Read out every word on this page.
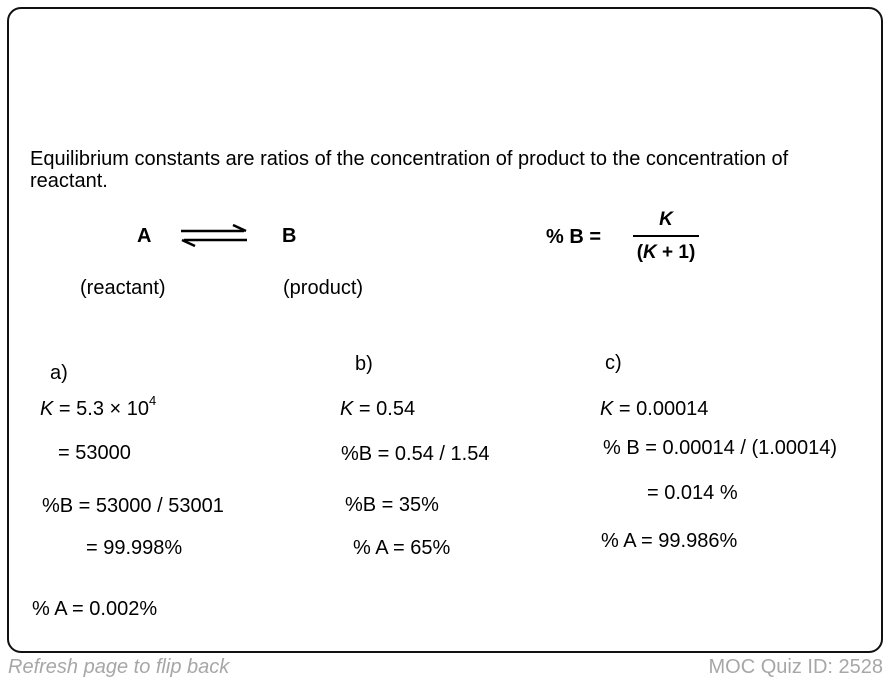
Equilibrium constants are ratios of the concentration of product to the concentration of reactant.
A	B
(reactant)	(product)
% B =
K
(K + 1)
a)
$K = 5.3 \times 10^4$
= 53000
%B = 53000 / 53001
= 99.998%
% A = 0.002%
b)
K = 0.54
%B = 0.54 / 1.54
%B = 35%
% A = 65%
c)
K = 0.00014
% B = 0.00014 / (1.00014)
= 0.014 %
% A = 99.986%
Refresh page to flip back	MOC Quiz ID: 2528
